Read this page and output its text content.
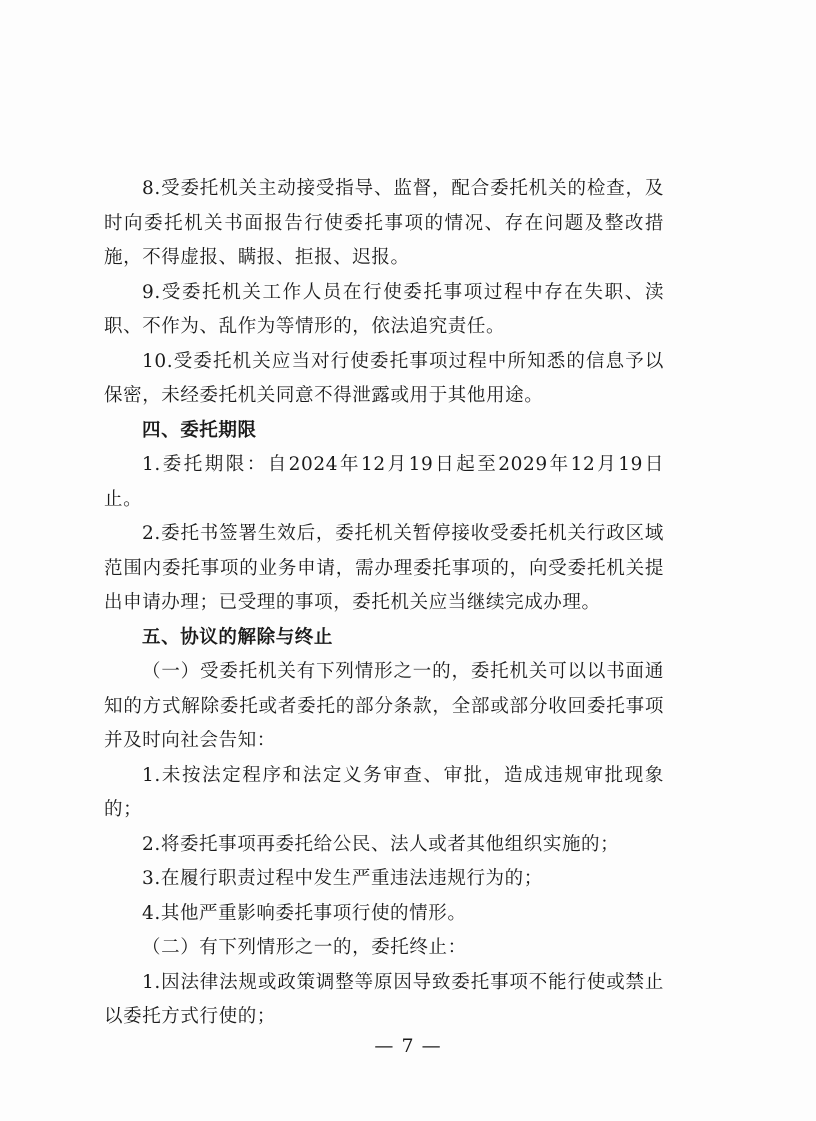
8.受委托机关主动接受指导、监督，配合委托机关的检查，及时向委托机关书面报告行使委托事项的情况、存在问题及整改措施，不得虚报、瞒报、拒报、迟报。

9.受委托机关工作人员在行使委托事项过程中存在失职、渎职、不作为、乱作为等情形的，依法追究责任。

10.受委托机关应当对行使委托事项过程中所知悉的信息予以保密，未经委托机关同意不得泄露或用于其他用途。

四、委托期限

1.委托期限：自2024年12月19日起至2029年12月19日止。

2.委托书签署生效后，委托机关暂停接收受委托机关行政区域范围内委托事项的业务申请，需办理委托事项的，向受委托机关提出申请办理；已受理的事项，委托机关应当继续完成办理。

五、协议的解除与终止

（一）受委托机关有下列情形之一的，委托机关可以以书面通知的方式解除委托或者委托的部分条款，全部或部分收回委托事项并及时向社会告知：

1.未按法定程序和法定义务审查、审批，造成违规审批现象的；

2.将委托事项再委托给公民、法人或者其他组织实施的；

3.在履行职责过程中发生严重违法违规行为的；

4.其他严重影响委托事项行使的情形。

（二）有下列情形之一的，委托终止：

1.因法律法规或政策调整等原因导致委托事项不能行使或禁止以委托方式行使的；

— 7 —
